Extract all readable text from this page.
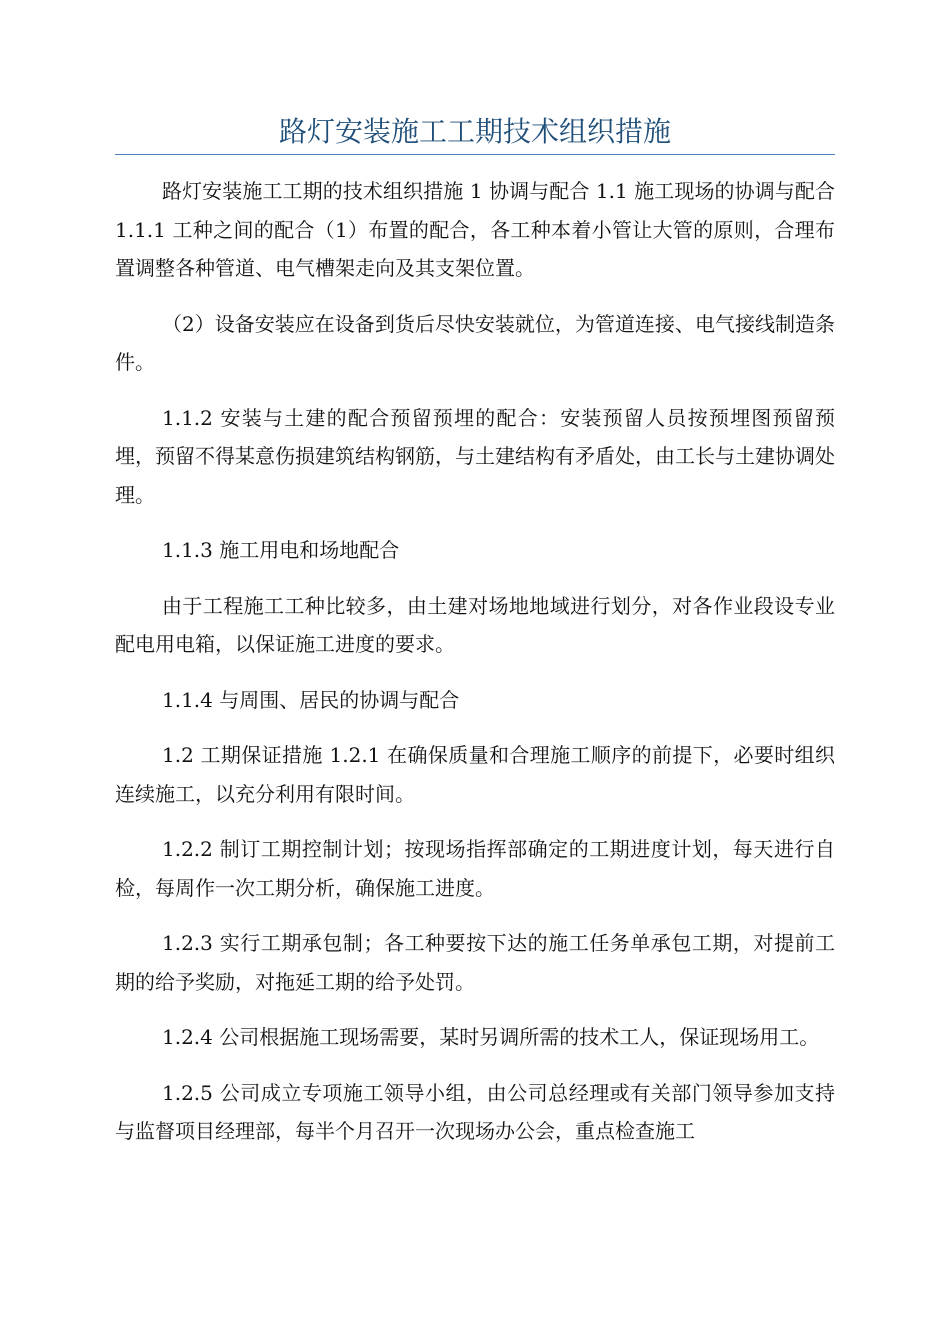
路灯安装施工工期技术组织措施

路灯安装施工工期的技术组织措施 1 协调与配合 1.1 施工现场的协调与配合 1.1.1 工种之间的配合（1）布置的配合，各工种本着小管让大管的原则，合理布置调整各种管道、电气槽架走向及其支架位置。

（2）设备安装应在设备到货后尽快安装就位，为管道连接、电气接线制造条件。

1.1.2 安装与土建的配合预留预埋的配合：安装预留人员按预埋图预留预埋，预留不得某意伤损建筑结构钢筋，与土建结构有矛盾处，由工长与土建协调处理。

1.1.3 施工用电和场地配合

由于工程施工工种比较多，由土建对场地地域进行划分，对各作业段设专业配电用电箱，以保证施工进度的要求。

1.1.4 与周围、居民的协调与配合

1.2 工期保证措施 1.2.1 在确保质量和合理施工顺序的前提下，必要时组织连续施工，以充分利用有限时间。

1.2.2 制订工期控制计划；按现场指挥部确定的工期进度计划，每天进行自检，每周作一次工期分析，确保施工进度。

1.2.3 实行工期承包制；各工种要按下达的施工任务单承包工期，对提前工期的给予奖励，对拖延工期的给予处罚。

1.2.4 公司根据施工现场需要，某时另调所需的技术工人，保证现场用工。

1.2.5 公司成立专项施工领导小组，由公司总经理或有关部门领导参加支持与监督项目经理部，每半个月召开一次现场办公会，重点检查施工
